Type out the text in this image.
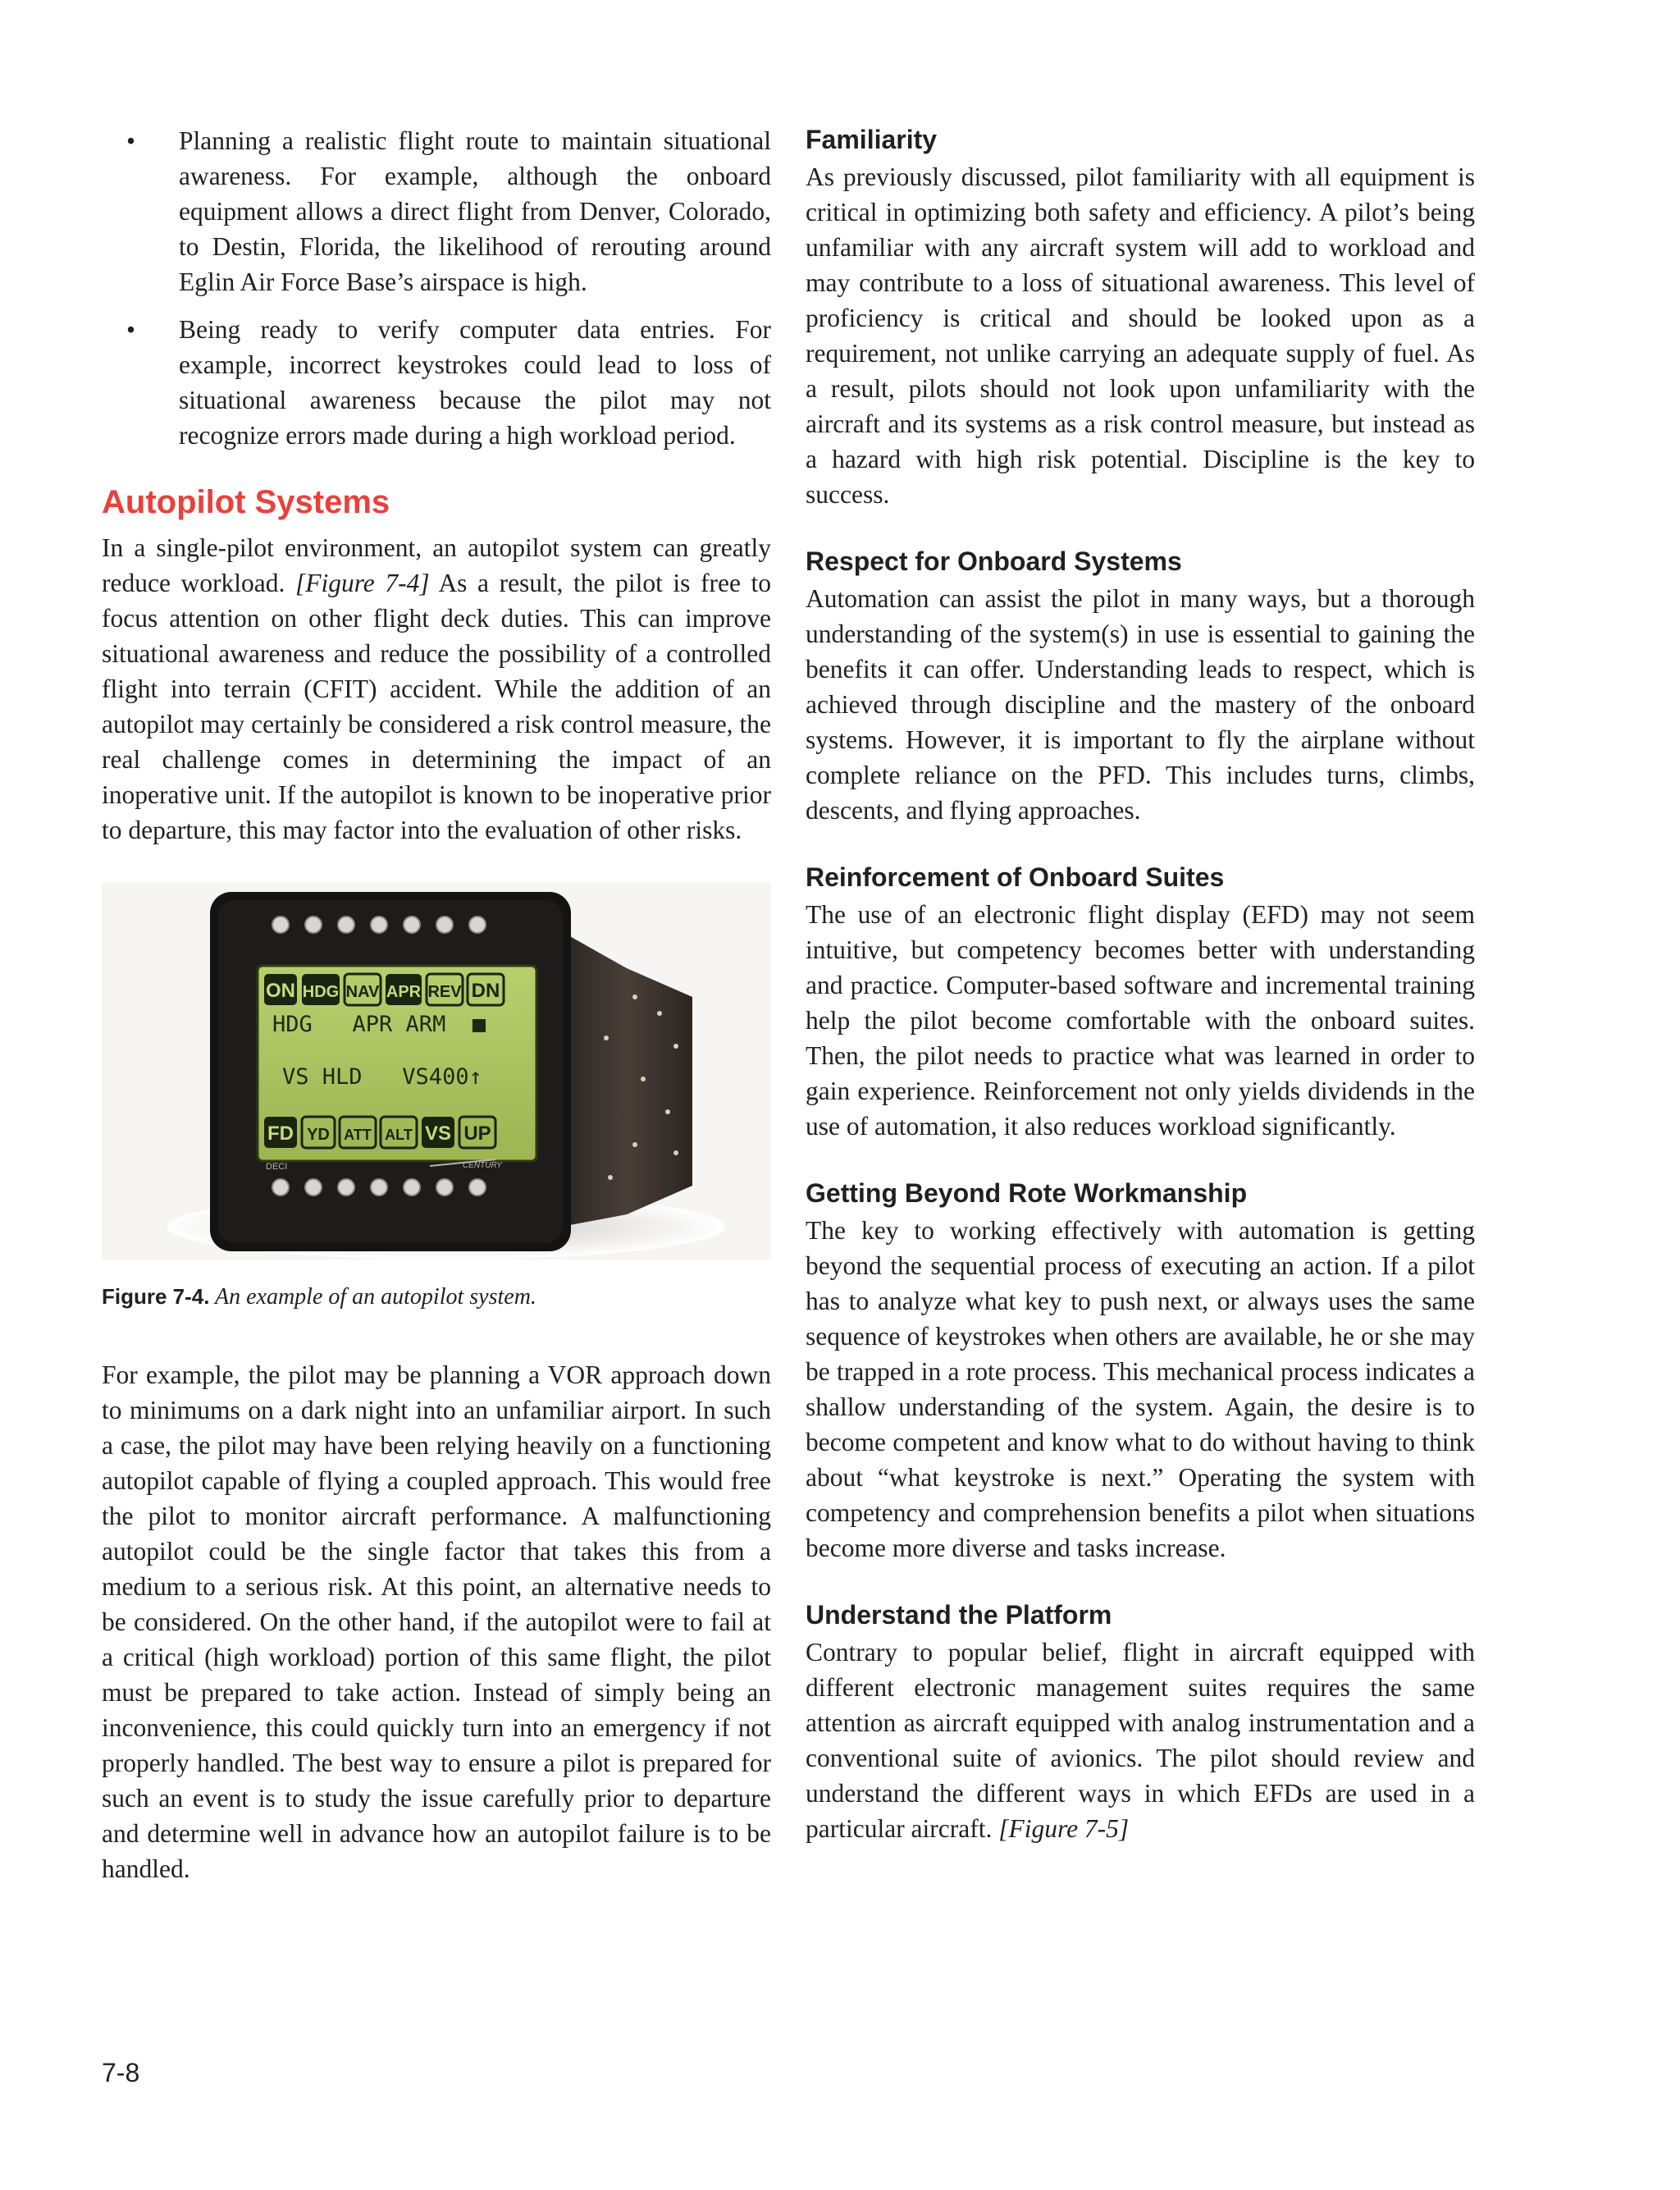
• Planning a realistic flight route to maintain situational awareness. For example, although the onboard equipment allows a direct flight from Denver, Colorado, to Destin, Florida, the likelihood of rerouting around Eglin Air Force Base’s airspace is high.
• Being ready to verify computer data entries. For example, incorrect keystrokes could lead to loss of situational awareness because the pilot may not recognize errors made during a high workload period.
Autopilot Systems

In a single-pilot environment, an autopilot system can greatly reduce workload. [Figure 7-4] As a result, the pilot is free to focus attention on other flight deck duties. This can improve situational awareness and reduce the possibility of a controlled flight into terrain (CFIT) accident. While the addition of an autopilot may certainly be considered a risk control measure, the real challenge comes in determining the impact of an inoperative unit. If the autopilot is known to be inoperative prior to departure, this may factor into the evaluation of other risks.

ON HDG NAV APR REV DN
HDG   APR ARM  ■
VS HLD   VS400↑
FD YD ATT ALT VS UP
DECI	CENTURY
Figure 7-4. An example of an autopilot system.

For example, the pilot may be planning a VOR approach down to minimums on a dark night into an unfamiliar airport. In such a case, the pilot may have been relying heavily on a functioning autopilot capable of flying a coupled approach. This would free the pilot to monitor aircraft performance. A malfunctioning autopilot could be the single factor that takes this from a medium to a serious risk. At this point, an alternative needs to be considered. On the other hand, if the autopilot were to fail at a critical (high workload) portion of this same flight, the pilot must be prepared to take action. Instead of simply being an inconvenience, this could quickly turn into an emergency if not properly handled. The best way to ensure a pilot is prepared for such an event is to study the issue carefully prior to departure and determine well in advance how an autopilot failure is to be handled.

Familiarity

As previously discussed, pilot familiarity with all equipment is critical in optimizing both safety and efficiency. A pilot’s being unfamiliar with any aircraft system will add to workload and may contribute to a loss of situational awareness. This level of proficiency is critical and should be looked upon as a requirement, not unlike carrying an adequate supply of fuel. As a result, pilots should not look upon unfamiliarity with the aircraft and its systems as a risk control measure, but instead as a hazard with high risk potential. Discipline is the key to success.

Respect for Onboard Systems

Automation can assist the pilot in many ways, but a thorough understanding of the system(s) in use is essential to gaining the benefits it can offer. Understanding leads to respect, which is achieved through discipline and the mastery of the onboard systems. However, it is important to fly the airplane without complete reliance on the PFD. This includes turns, climbs, descents, and flying approaches.

Reinforcement of Onboard Suites

The use of an electronic flight display (EFD) may not seem intuitive, but competency becomes better with understanding and practice. Computer-based software and incremental training help the pilot become comfortable with the onboard suites. Then, the pilot needs to practice what was learned in order to gain experience. Reinforcement not only yields dividends in the use of automation, it also reduces workload significantly.

Getting Beyond Rote Workmanship

The key to working effectively with automation is getting beyond the sequential process of executing an action. If a pilot has to analyze what key to push next, or always uses the same sequence of keystrokes when others are available, he or she may be trapped in a rote process. This mechanical process indicates a shallow understanding of the system. Again, the desire is to become competent and know what to do without having to think about “what keystroke is next.” Operating the system with competency and comprehension benefits a pilot when situations become more diverse and tasks increase.

Understand the Platform

Contrary to popular belief, flight in aircraft equipped with different electronic management suites requires the same attention as aircraft equipped with analog instrumentation and a conventional suite of avionics. The pilot should review and understand the different ways in which EFDs are used in a particular aircraft. [Figure 7-5]

7-8
